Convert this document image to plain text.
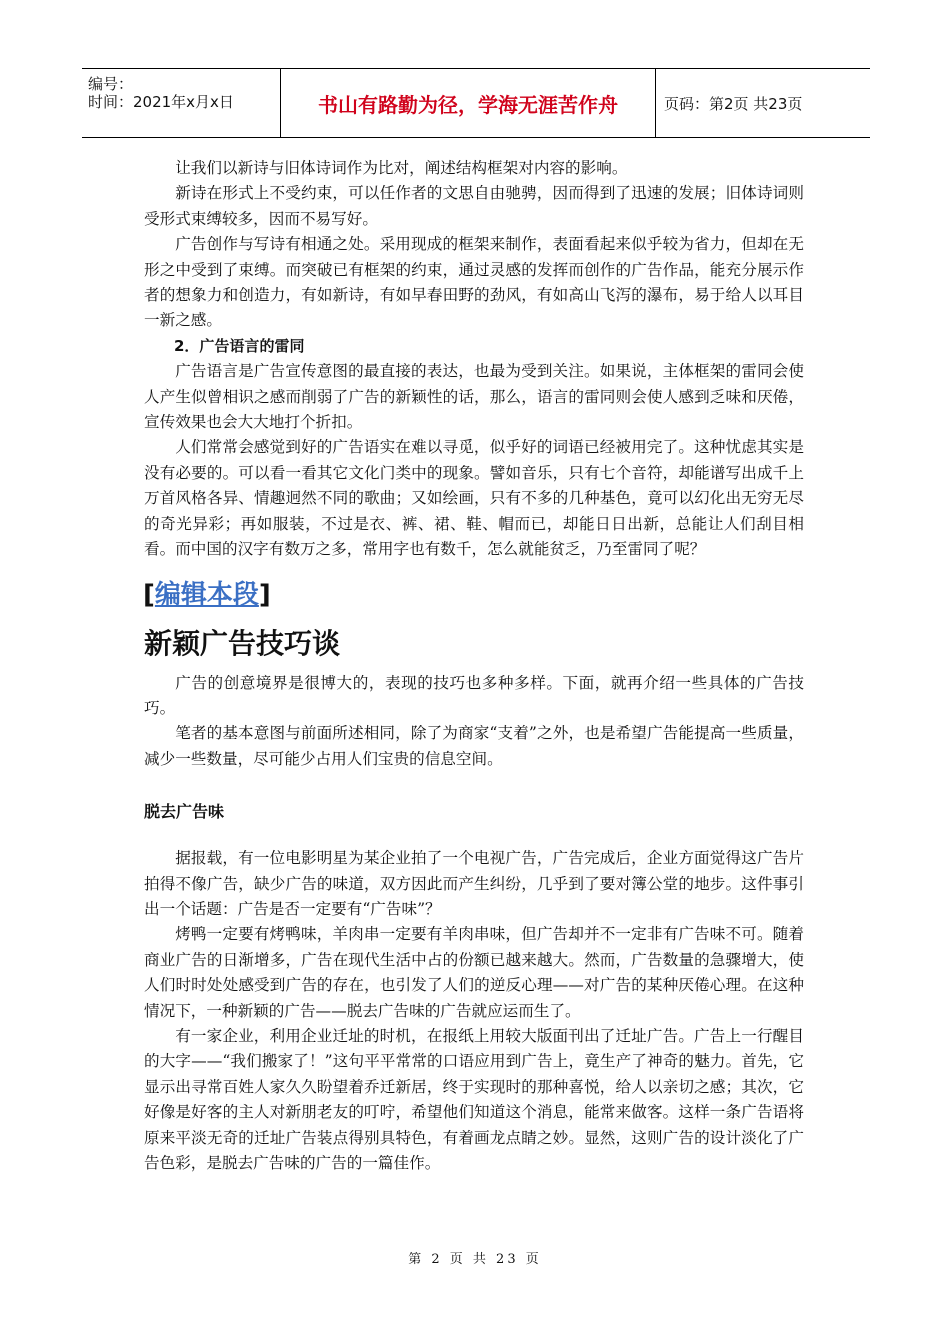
编号：
时间：2021年x月x日	书山有路勤为径，学海无涯苦作舟	页码：第2页 共23页

让我们以新诗与旧体诗词作为比对，阐述结构框架对内容的影响。

新诗在形式上不受约束，可以任作者的文思自由驰骋，因而得到了迅速的发展；旧体诗词则受形式束缚较多，因而不易写好。

广告创作与写诗有相通之处。采用现成的框架来制作，表面看起来似乎较为省力，但却在无形之中受到了束缚。而突破已有框架的约束，通过灵感的发挥而创作的广告作品，能充分展示作者的想象力和创造力，有如新诗，有如早春田野的劲风，有如高山飞泻的瀑布，易于给人以耳目一新之感。

2．广告语言的雷同

广告语言是广告宣传意图的最直接的表达，也最为受到关注。如果说，主体框架的雷同会使人产生似曾相识之感而削弱了广告的新颖性的话，那么，语言的雷同则会使人感到乏味和厌倦，宣传效果也会大大地打个折扣。

人们常常会感觉到好的广告语实在难以寻觅，似乎好的词语已经被用完了。这种忧虑其实是没有必要的。可以看一看其它文化门类中的现象。譬如音乐，只有七个音符，却能谱写出成千上万首风格各异、情趣迥然不同的歌曲；又如绘画，只有不多的几种基色，竟可以幻化出无穷无尽的奇光异彩；再如服装，不过是衣、裤、裙、鞋、帽而已，却能日日出新，总能让人们刮目相看。而中国的汉字有数万之多，常用字也有数千，怎么就能贫乏，乃至雷同了呢？

[编辑本段]
新颖广告技巧谈

广告的创意境界是很博大的，表现的技巧也多种多样。下面，就再介绍一些具体的广告技巧。

笔者的基本意图与前面所述相同，除了为商家“支着”之外，也是希望广告能提高一些质量，减少一些数量，尽可能少占用人们宝贵的信息空间。

脱去广告味

据报载，有一位电影明星为某企业拍了一个电视广告，广告完成后，企业方面觉得这广告片拍得不像广告，缺少广告的味道，双方因此而产生纠纷，几乎到了要对簿公堂的地步。这件事引出一个话题：广告是否一定要有“广告味”？

烤鸭一定要有烤鸭味，羊肉串一定要有羊肉串味，但广告却并不一定非有广告味不可。随着商业广告的日渐增多，广告在现代生活中占的份额已越来越大。然而，广告数量的急骤增大，使人们时时处处感受到广告的存在，也引发了人们的逆反心理——对广告的某种厌倦心理。在这种情况下，一种新颖的广告——脱去广告味的广告就应运而生了。

有一家企业，利用企业迁址的时机，在报纸上用较大版面刊出了迁址广告。广告上一行醒目的大字——“我们搬家了！”这句平平常常的口语应用到广告上，竟生产了神奇的魅力。首先，它显示出寻常百姓人家久久盼望着乔迁新居，终于实现时的那种喜悦，给人以亲切之感；其次，它好像是好客的主人对新朋老友的叮咛，希望他们知道这个消息，能常来做客。这样一条广告语将原来平淡无奇的迁址广告装点得别具特色，有着画龙点睛之妙。显然，这则广告的设计淡化了广告色彩，是脱去广告味的广告的一篇佳作。

第 2 页 共 23 页
